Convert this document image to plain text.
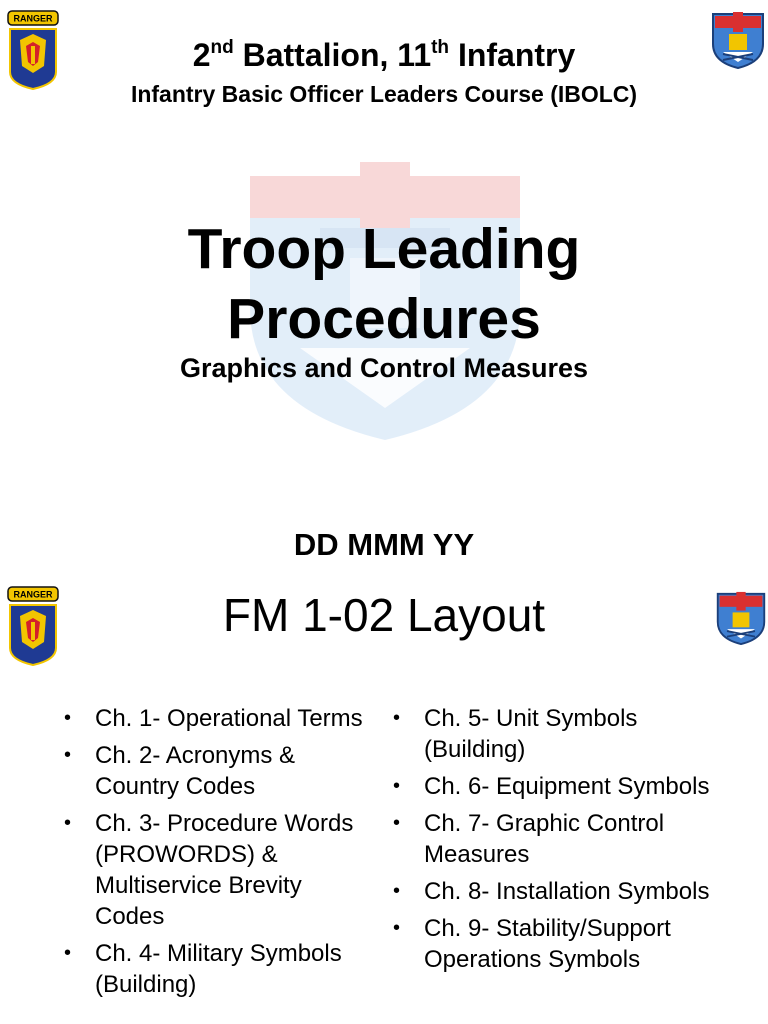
RANGER
2nd Battalion, 11th Infantry
Infantry Basic Officer Leaders Course (IBOLC)
Troop Leading
Procedures
Graphics and Control Measures
DD MMM YY
RANGER	FM 1-02 Layout
• Ch. 1- Operational Terms
• Ch. 2- Acronyms & Country Codes
• Ch. 3- Procedure Words (PROWORDS) & Multiservice Brevity Codes
• Ch. 4- Military Symbols (Building)
• Ch. 5- Unit Symbols (Building)
• Ch. 6- Equipment Symbols
• Ch. 7- Graphic Control Measures
• Ch. 8- Installation Symbols
• Ch. 9- Stability/Support Operations Symbols
